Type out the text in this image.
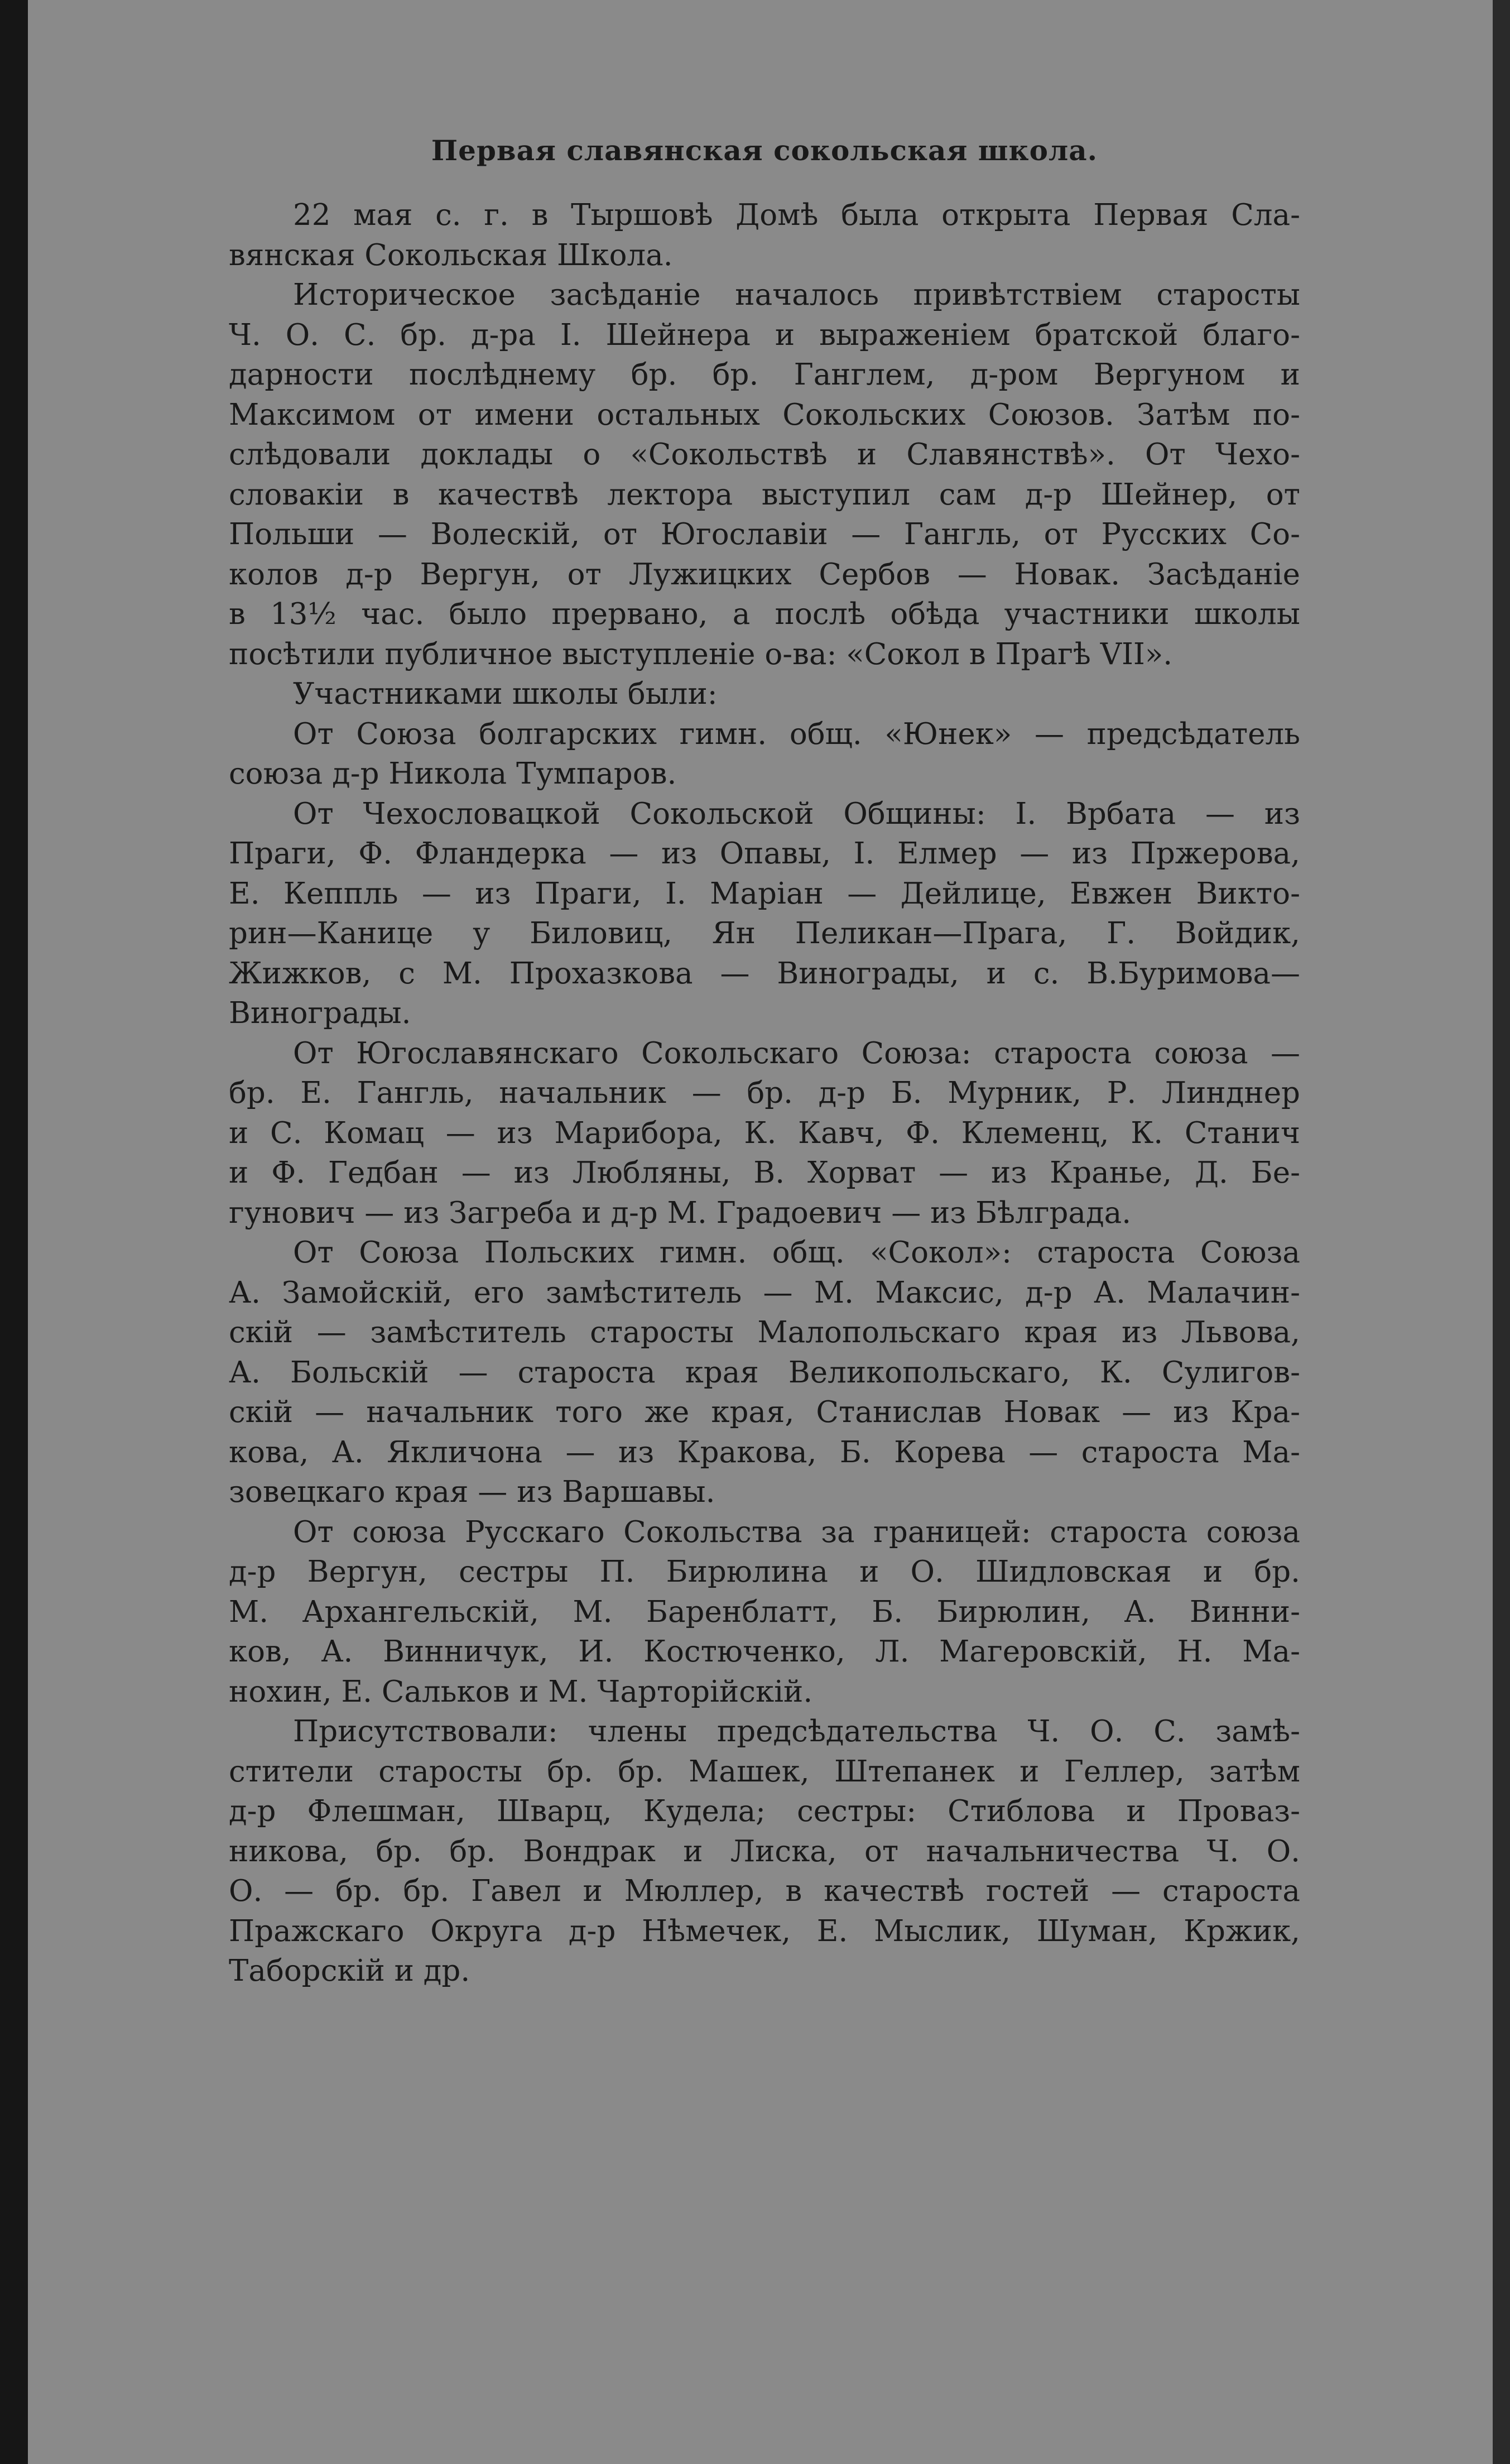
Первая славянская сокольская школа.

22 мая с. г. в Тыршовѣ Домѣ была открыта Первая Сла-
вянская Сокольская Школа.

Историческое засѣданіе началось привѣтствіем старосты
Ч. О. С. бр. д-ра І. Шейнера и выраженіем братской благо-
дарности послѣднему бр. бр. Ганглем, д-ром Вергуном и
Максимом от имени остальных Сокольских Союзов. Затѣм по-
слѣдовали доклады о «Сокольствѣ и Славянствѣ». От Чехо-
словакіи в качествѣ лектора выступил сам д-р Шейнер, от
Польши — Волескій, от Югославіи — Гангль, от Русских Со-
колов д-р Вергун, от Лужицких Сербов — Новак. Засѣданіе
в 13½ час. было прервано, а послѣ обѣда участники школы
посѣтили публичное выступленіе о-ва: «Сокол в Прагѣ VII».

Участниками школы были:

От Союза болгарских гимн. общ. «Юнек» — предсѣдатель
союза д-р Никола Тумпаров.

От Чехословацкой Сокольской Общины: І. Врбата — из
Праги, Ф. Фландерка — из Опавы, І. Елмер — из Пржерова,
Е. Кеппль — из Праги, І. Маріан — Дейлице, Евжен Викто-
рин—Канице у Биловиц, Ян Пеликан—Прага, Г. Войдик,
Жижков, с М. Прохазкова — Винограды, и с. В.Буримова—
Винограды.

От Югославянскаго Сокольскаго Союза: староста союза —
бр. Е. Гангль, начальник — бр. д-р Б. Мурник, Р. Линднер
и С. Комац — из Марибора, К. Кавч, Ф. Клеменц, К. Станич
и Ф. Гедбан — из Любляны, В. Хорват — из Кранье, Д. Бе-
гунович — из Загреба и д-р М. Градоевич — из Бѣлграда.

От Союза Польских гимн. общ. «Сокол»: староста Союза
А. Замойскій, его замѣститель — М. Максис, д-р А. Малачин-
скій — замѣститель старосты Малопольскаго края из Львова,
А. Больскій — староста края Великопольскаго, К. Сулигов-
скій — начальник того же края, Станислав Новак — из Кра-
кова, А. Якличона — из Кракова, Б. Корева — староста Ма-
зовецкаго края — из Варшавы.

От союза Русскаго Сокольства за границей: староста союза
д-р Вергун, сестры П. Бирюлина и О. Шидловская и бр.
М. Архангельскій, М. Баренблатт, Б. Бирюлин, А. Винни-
ков, А. Винничук, И. Костюченко, Л. Магеровскій, Н. Ма-
нохин, Е. Сальков и М. Чарторійскій.

Присутствовали: члены предсѣдательства Ч. О. С. замѣ-
стители старосты бр. бр. Машек, Штепанек и Геллер, затѣм
д-р Флешман, Шварц, Кудела; сестры: Стиблова и Провaз-
никова, бр. бр. Вондрак и Лиска, от начальничества Ч. О.
О. — бр. бр. Гавел и Мюллер, в качествѣ гостей — староста
Пражскаго Округа д-р Нѣмечек, Е. Мыслик, Шуман, Кржик,
Таборскій и др.
